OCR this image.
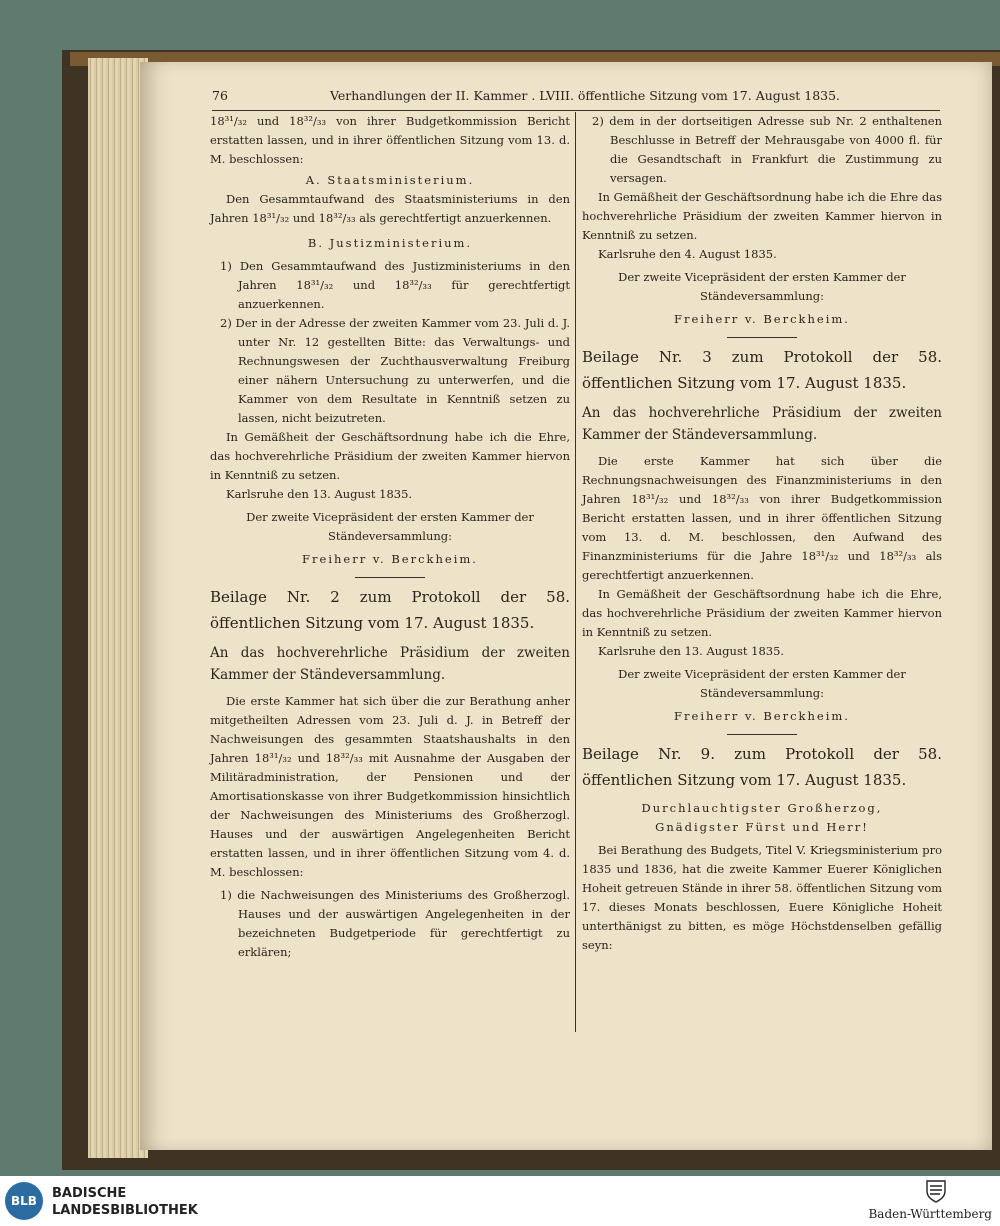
76	Verhandlungen der II. Kammer . LVIII. öffentliche Sitzung vom 17. August 1835.

18³¹/₃₂ und 18³²/₃₃ von ihrer Budgetkommission Bericht erstatten lassen, und in ihrer öffentlichen Sitzung vom 13. d. M. beschlossen:

A. Staatsministerium.

Den Gesammtaufwand des Staatsministeriums in den Jahren 18³¹/₃₂ und 18³²/₃₃ als gerechtfertigt anzuerkennen.

B. Justizministerium.

1) Den Gesammtaufwand des Justizministeriums in den Jahren 18³¹/₃₂ und 18³²/₃₃ für gerechtfertigt anzuerkennen.

2) Der in der Adresse der zweiten Kammer vom 23. Juli d. J. unter Nr. 12 gestellten Bitte: das Verwaltungs- und Rechnungswesen der Zuchthausverwaltung Freiburg einer nähern Untersuchung zu unterwerfen, und die Kammer von dem Resultate in Kenntniß setzen zu lassen, nicht beizutreten.

In Gemäßheit der Geschäftsordnung habe ich die Ehre, das hochverehrliche Präsidium der zweiten Kammer hiervon in Kenntniß zu setzen.

Karlsruhe den 13. August 1835.

Der zweite Vicepräsident der ersten Kammer der Ständeversammlung:

Freiherr v. Berckheim.

Beilage Nr. 2 zum Protokoll der 58. öffentlichen Sitzung vom 17. August 1835.

An das hochverehrliche Präsidium der zweiten Kammer der Ständeversammlung.

Die erste Kammer hat sich über die zur Berathung anher mitgetheilten Adressen vom 23. Juli d. J. in Betreff der Nachweisungen des gesammten Staatshaushalts in den Jahren 18³¹/₃₂ und 18³²/₃₃ mit Ausnahme der Ausgaben der Militäradministration, der Pensionen und der Amortisationskasse von ihrer Budgetkommission hinsichtlich der Nachweisungen des Ministeriums des Großherzogl. Hauses und der auswärtigen Angelegenheiten Bericht erstatten lassen, und in ihrer öffentlichen Sitzung vom 4. d. M. beschlossen:

1) die Nachweisungen des Ministeriums des Großherzogl. Hauses und der auswärtigen Angelegenheiten in der bezeichneten Budgetperiode für gerechtfertigt zu erklären;

2) dem in der dortseitigen Adresse sub Nr. 2 enthaltenen Beschlusse in Betreff der Mehrausgabe von 4000 fl. für die Gesandtschaft in Frankfurt die Zustimmung zu versagen.

In Gemäßheit der Geschäftsordnung habe ich die Ehre das hochverehrliche Präsidium der zweiten Kammer hiervon in Kenntniß zu setzen.

Karlsruhe den 4. August 1835.

Der zweite Vicepräsident der ersten Kammer der Ständeversammlung:

Freiherr v. Berckheim.

Beilage Nr. 3 zum Protokoll der 58. öffentlichen Sitzung vom 17. August 1835.

An das hochverehrliche Präsidium der zweiten Kammer der Ständeversammlung.

Die erste Kammer hat sich über die Rechnungsnachweisungen des Finanzministeriums in den Jahren 18³¹/₃₂ und 18³²/₃₃ von ihrer Budgetkommission Bericht erstatten lassen, und in ihrer öffentlichen Sitzung vom 13. d. M. beschlossen, den Aufwand des Finanzministeriums für die Jahre 18³¹/₃₂ und 18³²/₃₃ als gerechtfertigt anzuerkennen.

In Gemäßheit der Geschäftsordnung habe ich die Ehre, das hochverehrliche Präsidium der zweiten Kammer hiervon in Kenntniß zu setzen.

Karlsruhe den 13. August 1835.

Der zweite Vicepräsident der ersten Kammer der Ständeversammlung:

Freiherr v. Berckheim.

Beilage Nr. 9. zum Protokoll der 58. öffentlichen Sitzung vom 17. August 1835.

Durchlauchtigster Großherzog,

Gnädigster Fürst und Herr!

Bei Berathung des Budgets, Titel V. Kriegsministerium pro 1835 und 1836, hat die zweite Kammer Euerer Königlichen Hoheit getreuen Stände in ihrer 58. öffentlichen Sitzung vom 17. dieses Monats beschlossen, Euere Königliche Hoheit unterthänigst zu bitten, es möge Höchstdenselben gefällig seyn:

BLB	BADISCHE
LANDESBIBLIOTHEK	Baden-Württemberg
